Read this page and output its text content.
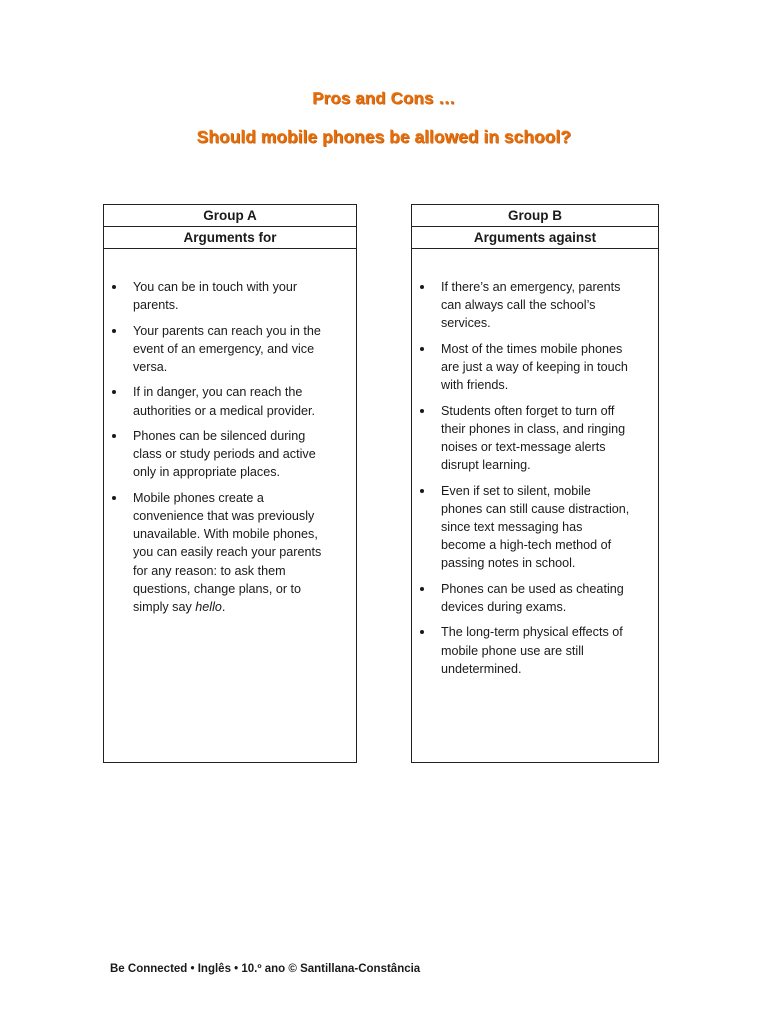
Pros and Cons …
Should mobile phones be allowed in school?
Group A
Arguments for
You can be in touch with your parents.
Your parents can reach you in the event of an emergency, and vice versa.
If in danger, you can reach the authorities or a medical provider.
Phones can be silenced during class or study periods and active only in appropriate places.
Mobile phones create a convenience that was previously unavailable. With mobile phones, you can easily reach your parents for any reason: to ask them questions, change plans, or to simply say hello.
Group B
Arguments against
If there’s an emergency, parents can always call the school’s services.
Most of the times mobile phones are just a way of keeping in touch with friends.
Students often forget to turn off their phones in class, and ringing noises or text-message alerts disrupt learning.
Even if set to silent, mobile phones can still cause distraction, since text messaging has become a high-tech method of passing notes in school.
Phones can be used as cheating devices during exams.
The long-term physical effects of mobile phone use are still undetermined.
Be Connected • Inglês • 10.º ano © Santillana-Constância
